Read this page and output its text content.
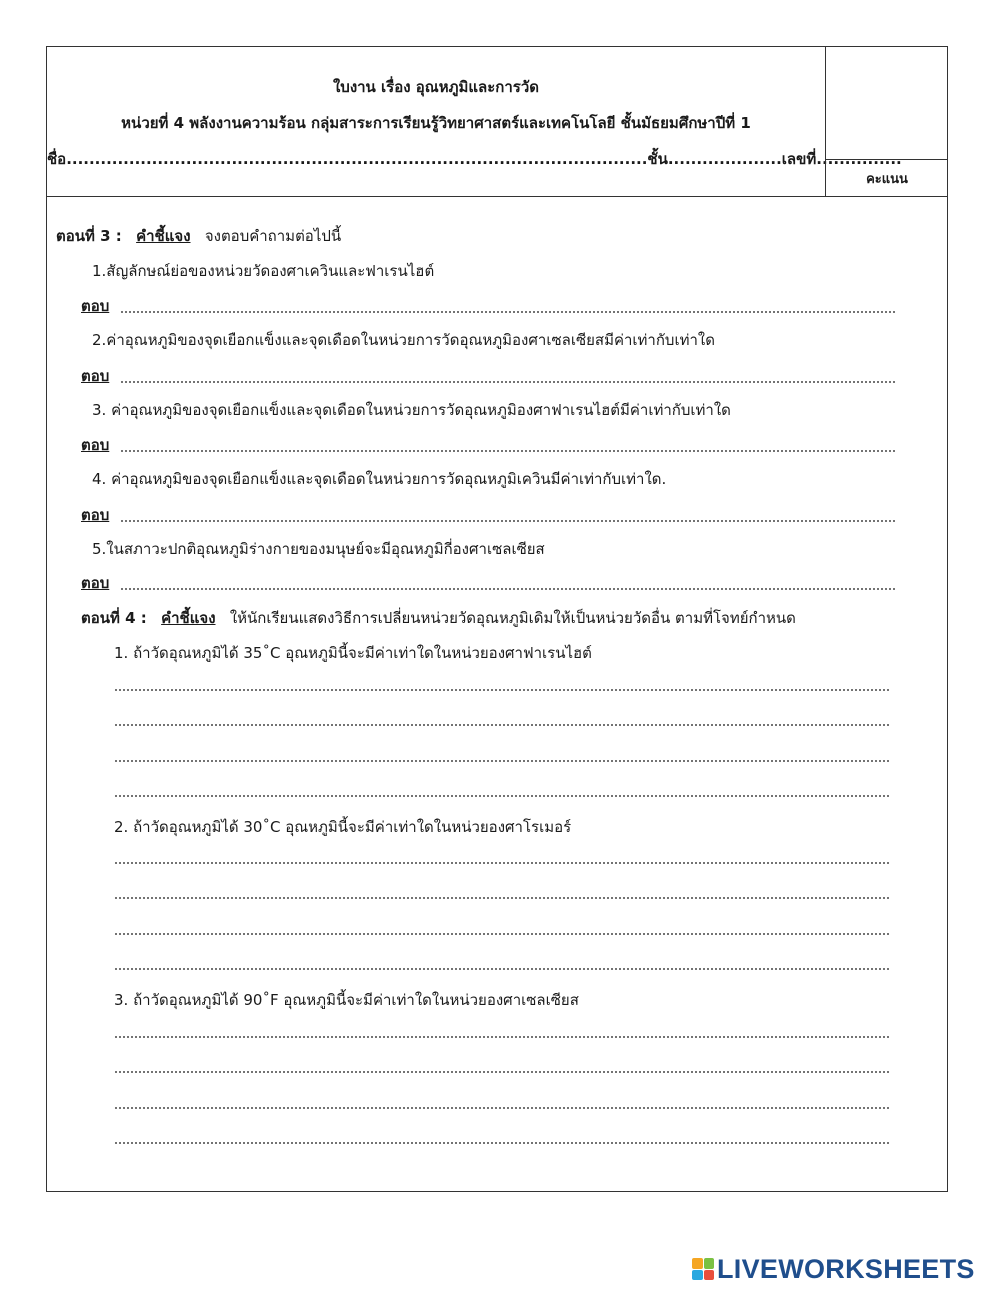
ใบงาน เรื่อง อุณหภูมิและการวัด
หน่วยที่ 4 พลังงานความร้อน กลุ่มสาระการเรียนรู้วิทยาศาสตร์และเทคโนโลยี ชั้นมัธยมศึกษาปีที่ 1
ชื่อ......................................................................................................ชั้น....................เลขที่...............
คะแนน
ตอนที่ 3 : คำชี้แจง จงตอบคำถามต่อไปนี้
1.สัญลักษณ์ย่อของหน่วยวัดองศาเควินและฟาเรนไฮต์
ตอบ
2.ค่าอุณหภูมิของจุดเยือกแข็งและจุดเดือดในหน่วยการวัดอุณหภูมิองศาเซลเซียสมีค่าเท่ากับเท่าใด
ตอบ
3. ค่าอุณหภูมิของจุดเยือกแข็งและจุดเดือดในหน่วยการวัดอุณหภูมิองศาฟาเรนไฮต์มีค่าเท่ากับเท่าใด
ตอบ
4. ค่าอุณหภูมิของจุดเยือกแข็งและจุดเดือดในหน่วยการวัดอุณหภูมิเควินมีค่าเท่ากับเท่าใด.
ตอบ
5.ในสภาวะปกติอุณหภูมิร่างกายของมนุษย์จะมีอุณหภูมิกี่องศาเซลเซียส
ตอบ
ตอนที่ 4 : คำชี้แจง ให้นักเรียนแสดงวิธีการเปลี่ยนหน่วยวัดอุณหภูมิเดิมให้เป็นหน่วยวัดอื่น ตามที่โจทย์กำหนด
1. ถ้าวัดอุณหภูมิได้ 35˚C อุณหภูมินี้จะมีค่าเท่าใดในหน่วยองศาฟาเรนไฮต์
2. ถ้าวัดอุณหภูมิได้ 30˚C อุณหภูมินี้จะมีค่าเท่าใดในหน่วยองศาโรเมอร์
3. ถ้าวัดอุณหภูมิได้ 90˚F อุณหภูมินี้จะมีค่าเท่าใดในหน่วยองศาเซลเซียส
LIVEWORKSHEETS
